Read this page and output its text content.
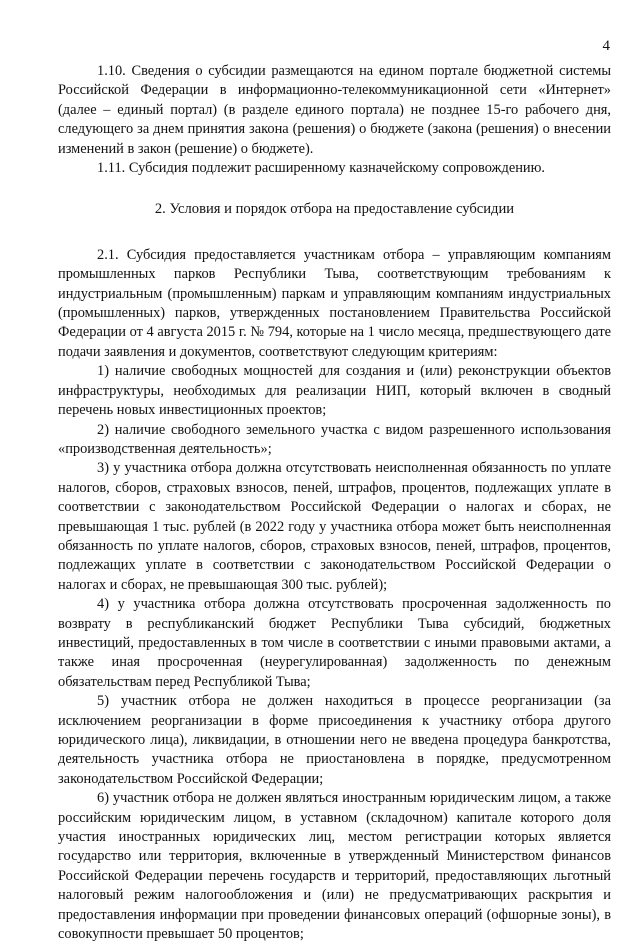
4

1.10. Сведения о субсидии размещаются на едином портале бюджетной системы Российской Федерации в информационно-телекоммуникационной сети «Интернет» (далее – единый портал) (в разделе единого портала) не позднее 15-го рабочего дня, следующего за днем принятия закона (решения) о бюджете (закона (решения) о внесении изменений в закон (решение) о бюджете).

1.11. Субсидия подлежит расширенному казначейскому сопровождению.

2. Условия и порядок отбора на предоставление субсидии

2.1. Субсидия предоставляется участникам отбора – управляющим компаниям промышленных парков Республики Тыва, соответствующим требованиям к индустриальным (промышленным) паркам и управляющим компаниям индустриальных (промышленных) парков, утвержденных постановлением Правительства Российской Федерации от 4 августа 2015 г. № 794, которые на 1 число месяца, предшествующего дате подачи заявления и документов, соответствуют следующим критериям:

1) наличие свободных мощностей для создания и (или) реконструкции объектов инфраструктуры, необходимых для реализации НИП, который включен в сводный перечень новых инвестиционных проектов;

2) наличие свободного земельного участка с видом разрешенного использования «производственная деятельность»;

3) у участника отбора должна отсутствовать неисполненная обязанность по уплате налогов, сборов, страховых взносов, пеней, штрафов, процентов, подлежащих уплате в соответствии с законодательством Российской Федерации о налогах и сборах, не превышающая 1 тыс. рублей (в 2022 году у участника отбора может быть неисполненная обязанность по уплате налогов, сборов, страховых взносов, пеней, штрафов, процентов, подлежащих уплате в соответствии с законодательством Российской Федерации о налогах и сборах, не превышающая 300 тыс. рублей);

4) у участника отбора должна отсутствовать просроченная задолженность по возврату в республиканский бюджет Республики Тыва субсидий, бюджетных инвестиций, предоставленных в том числе в соответствии с иными правовыми актами, а также иная просроченная (неурегулированная) задолженность по денежным обязательствам перед Республикой Тыва;

5) участник отбора не должен находиться в процессе реорганизации (за исключением реорганизации в форме присоединения к участнику отбора другого юридического лица), ликвидации, в отношении него не введена процедура банкротства, деятельность участника отбора не приостановлена в порядке, предусмотренном законодательством Российской Федерации;

6) участник отбора не должен являться иностранным юридическим лицом, а также российским юридическим лицом, в уставном (складочном) капитале которого доля участия иностранных юридических лиц, местом регистрации которых является государство или территория, включенные в утвержденный Министерством финансов Российской Федерации перечень государств и территорий, предоставляющих льготный налоговый режим налогообложения и (или) не предусматривающих раскрытия и предоставления информации при проведении финансовых операций (офшорные зоны), в совокупности превышает 50 процентов;
